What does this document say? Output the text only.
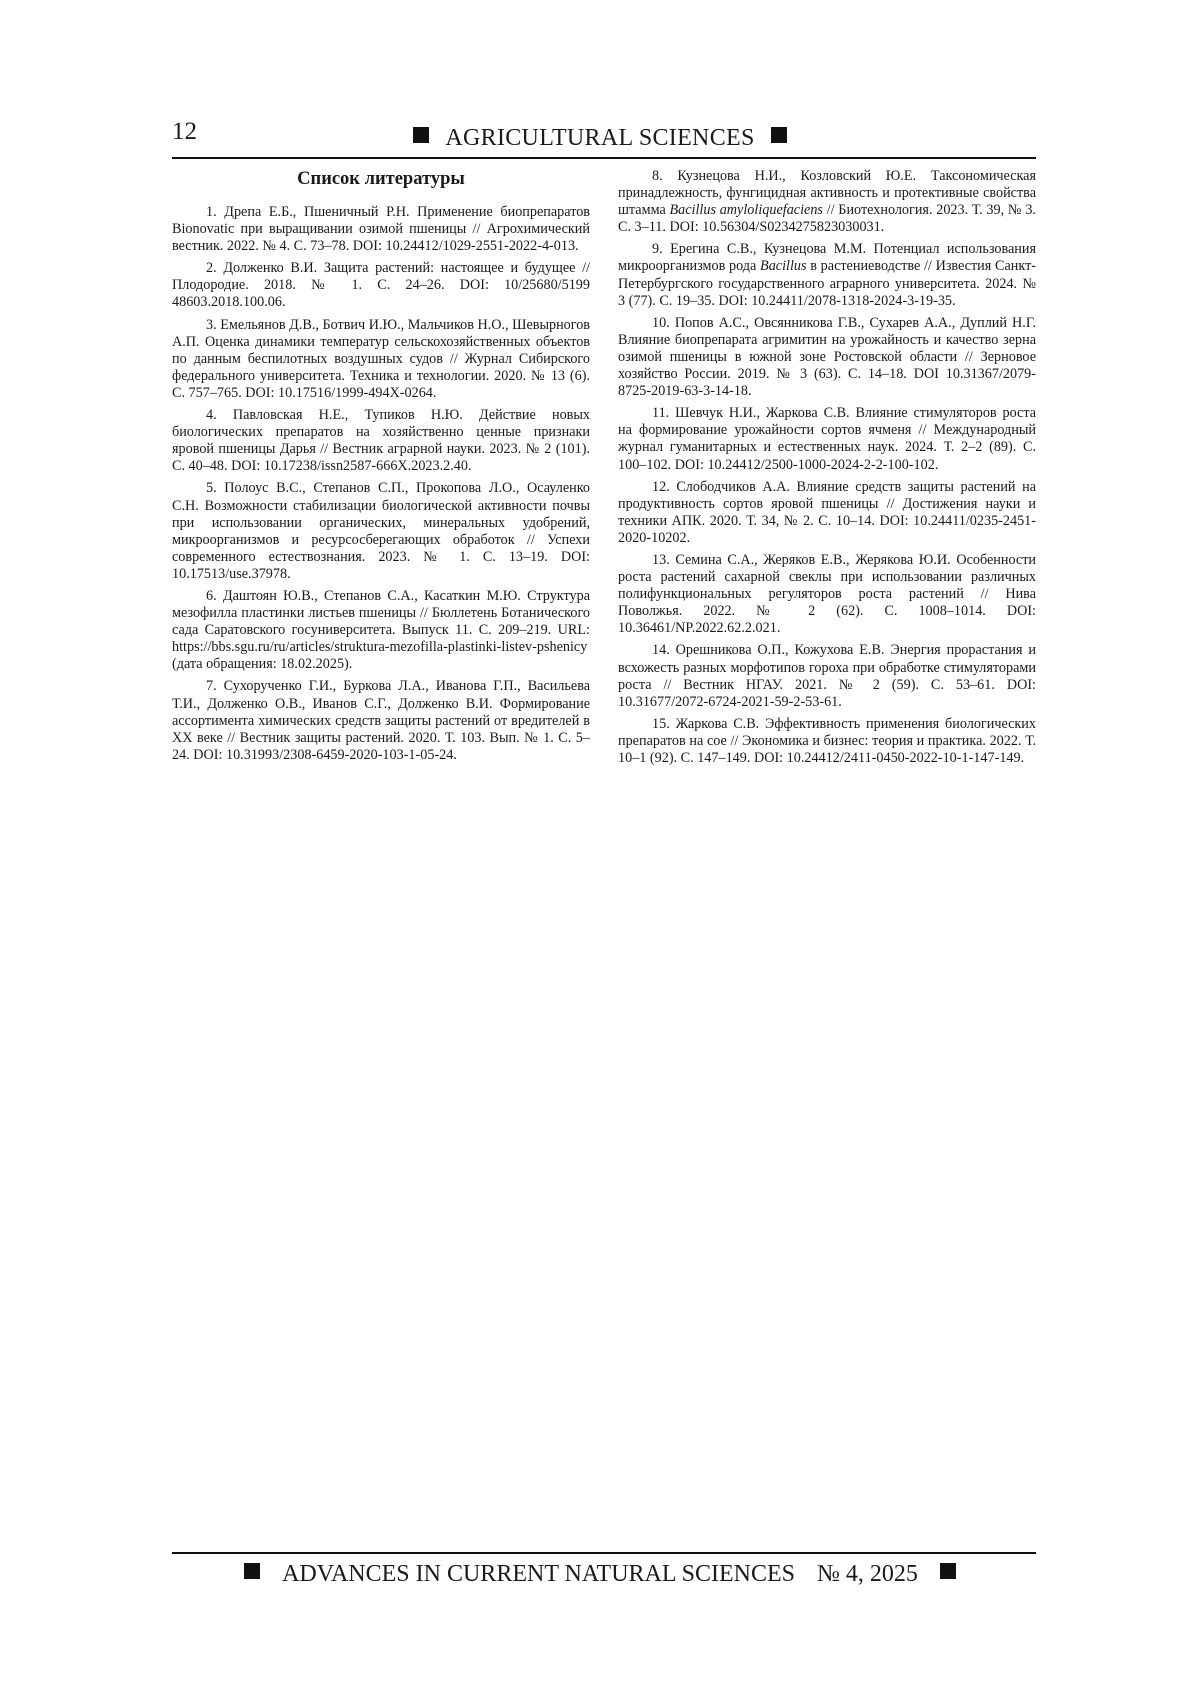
12	AGRICULTURAL SCIENCES
Список литературы
1. Дрепа Е.Б., Пшеничный Р.Н. Применение биопрепаратов Bionovatic при выращивании озимой пшеницы // Агрохимический вестник. 2022. № 4. С. 73–78. DOI: 10.24412/1029-2551-2022-4-013.
2. Долженко В.И. Защита растений: настоящее и будущее // Плодородие. 2018. № 1. С. 24–26. DOI: 10/25680/5199 48603.2018.100.06.
3. Емельянов Д.В., Ботвич И.Ю., Мальчиков Н.О., Шевырногов А.П. Оценка динамики температур сельскохозяйственных объектов по данным беспилотных воздушных судов // Журнал Сибирского федерального университета. Техника и технологии. 2020. № 13 (6). С. 757–765. DOI: 10.17516/1999-494X-0264.
4. Павловская Н.Е., Тупиков Н.Ю. Действие новых биологических препаратов на хозяйственно ценные признаки яровой пшеницы Дарья // Вестник аграрной науки. 2023. № 2 (101). С. 40–48. DOI: 10.17238/issn2587-666X.2023.2.40.
5. Полоус В.С., Степанов С.П., Прокопова Л.О., Осауленко С.Н. Возможности стабилизации биологической активности почвы при использовании органических, минеральных удобрений, микроорганизмов и ресурсосберегающих обработок // Успехи современного естествознания. 2023. № 1. С. 13–19. DOI: 10.17513/use.37978.
6. Даштоян Ю.В., Степанов С.А., Касаткин М.Ю. Структура мезофилла пластинки листьев пшеницы // Бюллетень Ботанического сада Саратовского госуниверситета. Выпуск 11. С. 209–219. URL: https://bbs.sgu.ru/ru/articles/struktura-mezofilla-plastinki-listev-pshenicy (дата обращения: 18.02.2025).
7. Сухорученко Г.И., Буркова Л.А., Иванова Г.П., Васильева Т.И., Долженко О.В., Иванов С.Г., Долженко В.И. Формирование ассортимента химических средств защиты растений от вредителей в XX веке // Вестник защиты растений. 2020. Т. 103. Вып. № 1. С. 5–24. DOI: 10.31993/2308-6459-2020-103-1-05-24.
8. Кузнецова Н.И., Козловский Ю.Е. Таксономическая принадлежность, фунгицидная активность и протективные свойства штамма Bacillus amyloliquefaciens // Биотехнология. 2023. Т. 39, № 3. С. 3–11. DOI: 10.56304/S0234275823030031.
9. Ерегина С.В., Кузнецова М.М. Потенциал использования микроорганизмов рода Bacillus в растениеводстве // Известия Санкт-Петербургского государственного аграрного университета. 2024. № 3 (77). С. 19–35. DOI: 10.24411/2078-1318-2024-3-19-35.
10. Попов А.С., Овсянникова Г.В., Сухарев А.А., Дуплий Н.Г. Влияние биопрепарата агримитин на урожайность и качество зерна озимой пшеницы в южной зоне Ростовской области // Зерновое хозяйство России. 2019. № 3 (63). С. 14–18. DOI 10.31367/2079-8725-2019-63-3-14-18.
11. Шевчук Н.И., Жаркова С.В. Влияние стимуляторов роста на формирование урожайности сортов ячменя // Международный журнал гуманитарных и естественных наук. 2024. Т. 2–2 (89). С. 100–102. DOI: 10.24412/2500-1000-2024-2-2-100-102.
12. Слободчиков А.А. Влияние средств защиты растений на продуктивность сортов яровой пшеницы // Достижения науки и техники АПК. 2020. Т. 34, № 2. С. 10–14. DOI: 10.24411/0235-2451-2020-10202.
13. Семина С.А., Жеряков Е.В., Жерякова Ю.И. Особенности роста растений сахарной свеклы при использовании различных полифункциональных регуляторов роста растений // Нива Поволжья. 2022. № 2 (62). С. 1008–1014. DOI: 10.36461/NP.2022.62.2.021.
14. Орешникова О.П., Кожухова Е.В. Энергия прорастания и всхожесть разных морфотипов гороха при обработке стимуляторами роста // Вестник НГАУ. 2021. № 2 (59). С. 53–61. DOI: 10.31677/2072-6724-2021-59-2-53-61.
15. Жаркова С.В. Эффективность применения биологических препаратов на сое // Экономика и бизнес: теория и практика. 2022. Т. 10–1 (92). С. 147–149. DOI: 10.24412/2411-0450-2022-10-1-147-149.
ADVANCES IN CURRENT NATURAL SCIENCES № 4, 2025
